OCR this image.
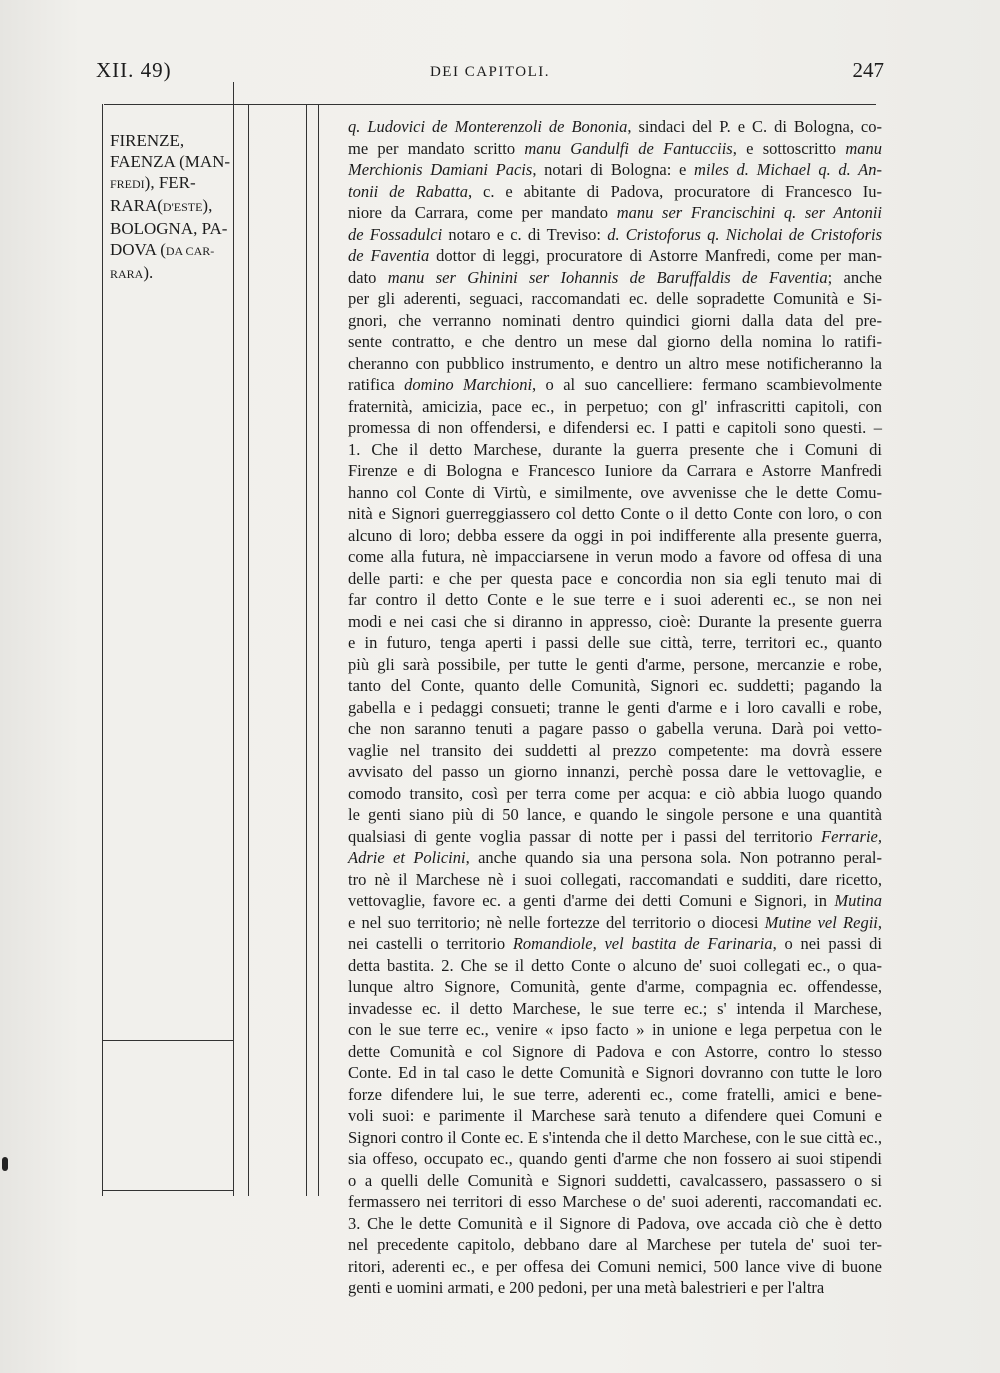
XII. 49)	DEI CAPITOLI.	247
FIRENZE,
FAENZA (MAN-
FREDI), FER-
RARA(D'ESTE),
BOLOGNA, PA-
DOVA (DA CAR-
RARA).
q. Ludovici de Monterenzoli de Bononia, sindaci del P. e C. di Bologna, co-
me per mandato scritto manu Gandulfi de Fantucciis, e sottoscritto manu
Merchionis Damiani Pacis, notari di Bologna: e miles d. Michael q. d. An-
tonii de Rabatta, c. e abitante di Padova, procuratore di Francesco Iu-
niore da Carrara, come per mandato manu ser Francischini q. ser Antonii
de Fossadulci notaro e c. di Treviso: d. Cristoforus q. Nicholai de Cristoforis
de Faventia dottor di leggi, procuratore di Astorre Manfredi, come per man-
dato manu ser Ghinini ser Iohannis de Baruffaldis de Faventia; anche
per gli aderenti, seguaci, raccomandati ec. delle sopradette Comunità e Si-
gnori, che verranno nominati dentro quindici giorni dalla data del pre-
sente contratto, e che dentro un mese dal giorno della nomina lo ratifi-
cheranno con pubblico instrumento, e dentro un altro mese notificheranno la
ratifica domino Marchioni, o al suo cancelliere: fermano scambievolmente
fraternità, amicizia, pace ec., in perpetuo; con gl' infrascritti capitoli, con
promessa di non offendersi, e difendersi ec. I patti e capitoli sono questi. –
1. Che il detto Marchese, durante la guerra presente che i Comuni di
Firenze e di Bologna e Francesco Iuniore da Carrara e Astorre Manfredi
hanno col Conte di Virtù, e similmente, ove avvenisse che le dette Comu-
nità e Signori guerreggiassero col detto Conte o il detto Conte con loro, o con
alcuno di loro; debba essere da oggi in poi indifferente alla presente guerra,
come alla futura, nè impacciarsene in verun modo a favore od offesa di una
delle parti: e che per questa pace e concordia non sia egli tenuto mai di
far contro il detto Conte e le sue terre e i suoi aderenti ec., se non nei
modi e nei casi che si diranno in appresso, cioè: Durante la presente guerra
e in futuro, tenga aperti i passi delle sue città, terre, territori ec., quanto
più gli sarà possibile, per tutte le genti d'arme, persone, mercanzie e robe,
tanto del Conte, quanto delle Comunità, Signori ec. suddetti; pagando la
gabella e i pedaggi consueti; tranne le genti d'arme e i loro cavalli e robe,
che non saranno tenuti a pagare passo o gabella veruna. Darà poi vetto-
vaglie nel transito dei suddetti al prezzo competente: ma dovrà essere
avvisato del passo un giorno innanzi, perchè possa dare le vettovaglie, e
comodo transito, così per terra come per acqua: e ciò abbia luogo quando
le genti siano più di 50 lance, e quando le singole persone e una quantità
qualsiasi di gente voglia passar di notte per i passi del territorio Ferrarie,
Adrie et Policini, anche quando sia una persona sola. Non potranno peral-
tro nè il Marchese nè i suoi collegati, raccomandati e sudditi, dare ricetto,
vettovaglie, favore ec. a genti d'arme dei detti Comuni e Signori, in Mutina
e nel suo territorio; nè nelle fortezze del territorio o diocesi Mutine vel Regii,
nei castelli o territorio Romandiole, vel bastita de Farinaria, o nei passi di
detta bastita. 2. Che se il detto Conte o alcuno de' suoi collegati ec., o qua-
lunque altro Signore, Comunità, gente d'arme, compagnia ec. offendesse,
invadesse ec. il detto Marchese, le sue terre ec.; s' intenda il Marchese,
con le sue terre ec., venire « ipso facto » in unione e lega perpetua con le
dette Comunità e col Signore di Padova e con Astorre, contro lo stesso
Conte. Ed in tal caso le dette Comunità e Signori dovranno con tutte le loro
forze difendere lui, le sue terre, aderenti ec., come fratelli, amici e bene-
voli suoi: e parimente il Marchese sarà tenuto a difendere quei Comuni e
Signori contro il Conte ec. E s'intenda che il detto Marchese, con le sue città ec.,
sia offeso, occupato ec., quando genti d'arme che non fossero ai suoi stipendi
o a quelli delle Comunità e Signori suddetti, cavalcassero, passassero o si
fermassero nei territori di esso Marchese o de' suoi aderenti, raccomandati ec.
3. Che le dette Comunità e il Signore di Padova, ove accada ciò che è detto
nel precedente capitolo, debbano dare al Marchese per tutela de' suoi ter-
ritori, aderenti ec., e per offesa dei Comuni nemici, 500 lance vive di buone
genti e uomini armati, e 200 pedoni, per una metà balestrieri e per l'altra
